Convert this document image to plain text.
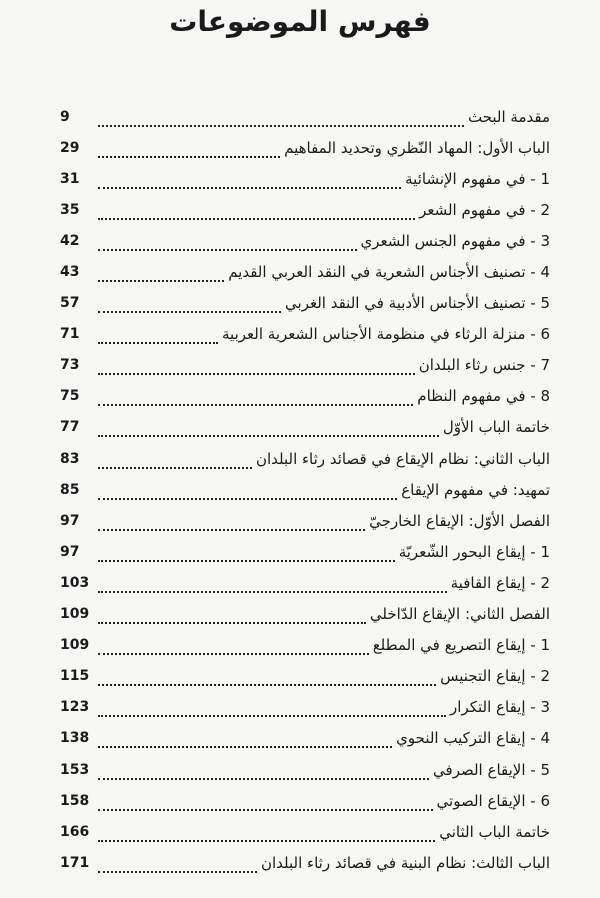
فهرس الموضوعات
مقدمة البحث
9
الباب الأول: المهاد النّظري وتحديد المفاهيم
29
1 - في مفهوم الإنشائية
31
2 - في مفهوم الشعر
35
3 - في مفهوم الجنس الشعري
42
4 - تصنيف الأجناس الشعرية في النقد العربي القديم
43
5 - تصنيف الأجناس الأدبية في النقد الغربي
57
6 - منزلة الرثاء في منظومة الأجناس الشعرية العربية
71
7 - جنس رثاء البلدان
73
8 - في مفهوم النظام
75
خاتمة الباب الأوّل
77
الباب الثاني: نظام الإيقاع في قصائد رثاء البلدان
83
تمهيد: في مفهوم الإيقاع
85
الفصل الأوّل: الإيقاع الخارجيّ
97
1 - إيقاع البحور الشّعريّة
97
2 - إيقاع القافية
103
الفصل الثاني: الإيقاع الدّاخلي
109
1 - إيقاع التصريع في المطلع
109
2 - إيقاع التجنيس
115
3 - إيقاع التكرار
123
4 - إيقاع التركيب النحوي
138
5 - الإيقاع الصرفي
153
6 - الإيقاع الصوتي
158
خاتمة الباب الثاني
166
الباب الثالث: نظام البنية في قصائد رثاء البلدان
171
